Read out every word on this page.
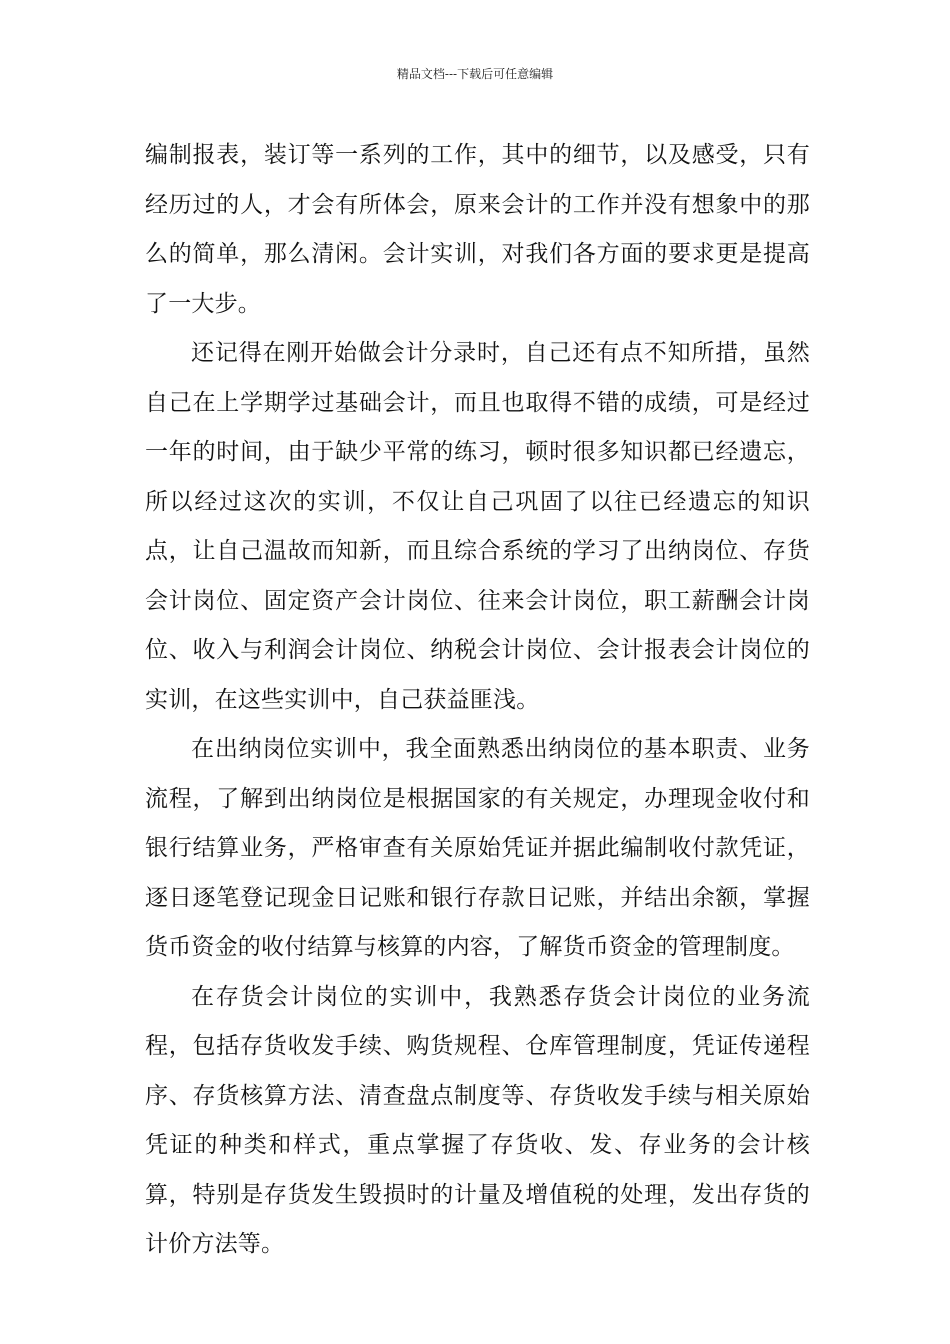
精品文档---下载后可任意编辑

编制报表，装订等一系列的工作，其中的细节，以及感受，只有经历过的人，才会有所体会，原来会计的工作并没有想象中的那么的简单，那么清闲。会计实训，对我们各方面的要求更是提高了一大步。

还记得在刚开始做会计分录时，自己还有点不知所措，虽然自己在上学期学过基础会计，而且也取得不错的成绩，可是经过一年的时间，由于缺少平常的练习，顿时很多知识都已经遗忘，所以经过这次的实训，不仅让自己巩固了以往已经遗忘的知识点，让自己温故而知新，而且综合系统的学习了出纳岗位、存货会计岗位、固定资产会计岗位、往来会计岗位，职工薪酬会计岗位、收入与利润会计岗位、纳税会计岗位、会计报表会计岗位的实训，在这些实训中，自己获益匪浅。

在出纳岗位实训中，我全面熟悉出纳岗位的基本职责、业务流程，了解到出纳岗位是根据国家的有关规定，办理现金收付和银行结算业务，严格审查有关原始凭证并据此编制收付款凭证，逐日逐笔登记现金日记账和银行存款日记账，并结出余额，掌握货币资金的收付结算与核算的内容，了解货币资金的管理制度。

在存货会计岗位的实训中，我熟悉存货会计岗位的业务流程，包括存货收发手续、购货规程、仓库管理制度，凭证传递程序、存货核算方法、清查盘点制度等、存货收发手续与相关原始凭证的种类和样式，重点掌握了存货收、发、存业务的会计核算，特别是存货发生毁损时的计量及增值税的处理，发出存货的计价方法等。
